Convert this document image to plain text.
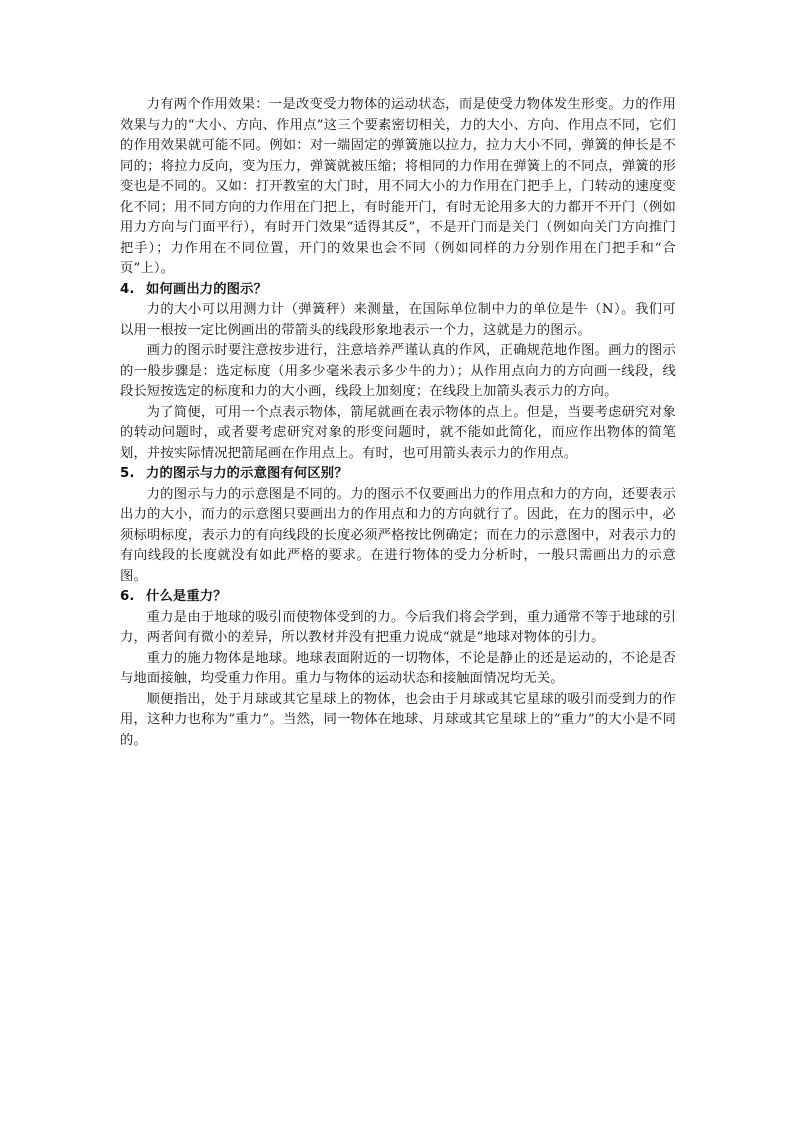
力有两个作用效果：一是改变受力物体的运动状态，而是使受力物体发生形变。力的作用效果与力的“大小、方向、作用点”这三个要素密切相关，力的大小、方向、作用点不同，它们的作用效果就可能不同。例如：对一端固定的弹簧施以拉力，拉力大小不同，弹簧的伸长是不同的；将拉力反向，变为压力，弹簧就被压缩；将相同的力作用在弹簧上的不同点，弹簧的形变也是不同的。又如：打开教室的大门时，用不同大小的力作用在门把手上，门转动的速度变化不同；用不同方向的力作用在门把上，有时能开门，有时无论用多大的力都开不开门（例如用力方向与门面平行），有时开门效果“适得其反”，不是开门而是关门（例如向关门方向推门把手）；力作用在不同位置，开门的效果也会不同（例如同样的力分别作用在门把手和“合页”上）。

4. 如何画出力的图示？

力的大小可以用测力计（弹簧秤）来测量，在国际单位制中力的单位是牛（N）。我们可以用一根按一定比例画出的带箭头的线段形象地表示一个力，这就是力的图示。

画力的图示时要注意按步进行，注意培养严谨认真的作风，正确规范地作图。画力的图示的一般步骤是：选定标度（用多少毫米表示多少牛的力）；从作用点向力的方向画一线段，线段长短按选定的标度和力的大小画，线段上加刻度；在线段上加箭头表示力的方向。

为了简便，可用一个点表示物体，箭尾就画在表示物体的点上。但是，当要考虑研究对象的转动问题时，或者要考虑研究对象的形变问题时，就不能如此简化，而应作出物体的简笔划，并按实际情况把箭尾画在作用点上。有时，也可用箭头表示力的作用点。

5. 力的图示与力的示意图有何区别？

力的图示与力的示意图是不同的。力的图示不仅要画出力的作用点和力的方向，还要表示出力的大小，而力的示意图只要画出力的作用点和力的方向就行了。因此，在力的图示中，必须标明标度，表示力的有向线段的长度必须严格按比例确定；而在力的示意图中，对表示力的有向线段的长度就没有如此严格的要求。在进行物体的受力分析时，一般只需画出力的示意图。

6. 什么是重力？

重力是由于地球的吸引而使物体受到的力。今后我们将会学到，重力通常不等于地球的引力，两者间有微小的差异，所以教材并没有把重力说成“就是”地球对物体的引力。

重力的施力物体是地球。地球表面附近的一切物体，不论是静止的还是运动的，不论是否与地面接触，均受重力作用。重力与物体的运动状态和接触面情况均无关。

顺便指出，处于月球或其它星球上的物体，也会由于月球或其它星球的吸引而受到力的作用，这种力也称为“重力”。当然，同一物体在地球、月球或其它星球上的“重力”的大小是不同的。
